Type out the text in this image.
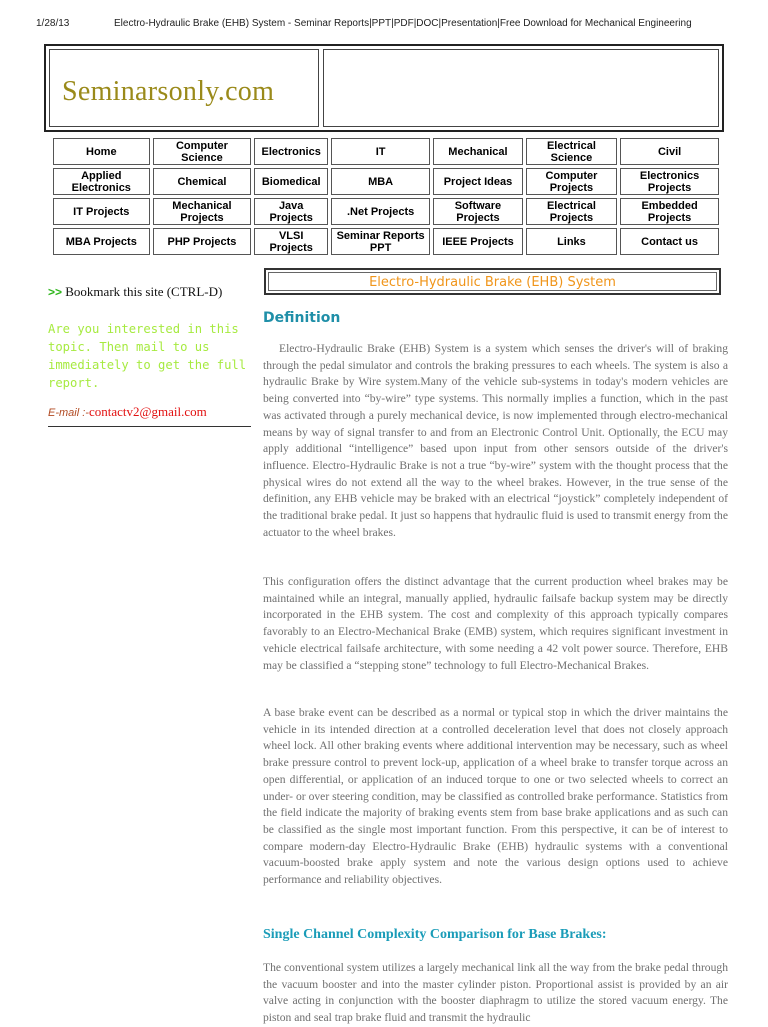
1/28/13	Electro-Hydraulic Brake (EHB) System - Seminar Reports|PPT|PDF|DOC|Presentation|Free Download for Mechanical Engineering
Seminarsonly.com
Home	Computer Science	Electronics	IT	Mechanical	Electrical Science	Civil
Applied Electronics	Chemical	Biomedical	MBA	Project Ideas	Computer Projects	Electronics Projects
IT Projects	Mechanical Projects	Java Projects	.Net Projects	Software Projects	Electrical Projects	Embedded Projects
MBA Projects	PHP Projects	VLSI Projects	Seminar Reports PPT	IEEE Projects	Links	Contact us
>> Bookmark this site (CTRL-D)
Are you interested in this topic. Then mail to us immediately to get the full report.
E-mail :-contactv2@gmail.com
Electro-Hydraulic Brake (EHB) System
Definition

Electro-Hydraulic Brake (EHB) System is a system which senses the driver's will of braking through the pedal simulator and controls the braking pressures to each wheels. The system is also a hydraulic Brake by Wire system.Many of the vehicle sub-systems in today's modern vehicles are being converted into “by-wire” type systems. This normally implies a function, which in the past was activated through a purely mechanical device, is now implemented through electro-mechanical means by way of signal transfer to and from an Electronic Control Unit. Optionally, the ECU may apply additional “intelligence” based upon input from other sensors outside of the driver's influence. Electro-Hydraulic Brake is not a true “by-wire” system with the thought process that the physical wires do not extend all the way to the wheel brakes. However, in the true sense of the definition, any EHB vehicle may be braked with an electrical “joystick” completely independent of the traditional brake pedal. It just so happens that hydraulic fluid is used to transmit energy from the actuator to the wheel brakes.

This configuration offers the distinct advantage that the current production wheel brakes may be maintained while an integral, manually applied, hydraulic failsafe backup system may be directly incorporated in the EHB system. The cost and complexity of this approach typically compares favorably to an Electro-Mechanical Brake (EMB) system, which requires significant investment in vehicle electrical failsafe architecture, with some needing a 42 volt power source. Therefore, EHB may be classified a “stepping stone” technology to full Electro-Mechanical Brakes.

A base brake event can be described as a normal or typical stop in which the driver maintains the vehicle in its intended direction at a controlled deceleration level that does not closely approach wheel lock. All other braking events where additional intervention may be necessary, such as wheel brake pressure control to prevent lock-up, application of a wheel brake to transfer torque across an open differential, or application of an induced torque to one or two selected wheels to correct an under- or over steering condition, may be classified as controlled brake performance. Statistics from the field indicate the majority of braking events stem from base brake applications and as such can be classified as the single most important function. From this perspective, it can be of interest to compare modern-day Electro-Hydraulic Brake (EHB) hydraulic systems with a conventional vacuum-boosted brake apply system and note the various design options used to achieve performance and reliability objectives.

Single Channel Complexity Comparison for Base Brakes:

The conventional system utilizes a largely mechanical link all the way from the brake pedal through the vacuum booster and into the master cylinder piston. Proportional assist is provided by an air valve acting in conjunction with the booster diaphragm to utilize the stored vacuum energy. The piston and seal trap brake fluid and transmit the hydraulic
